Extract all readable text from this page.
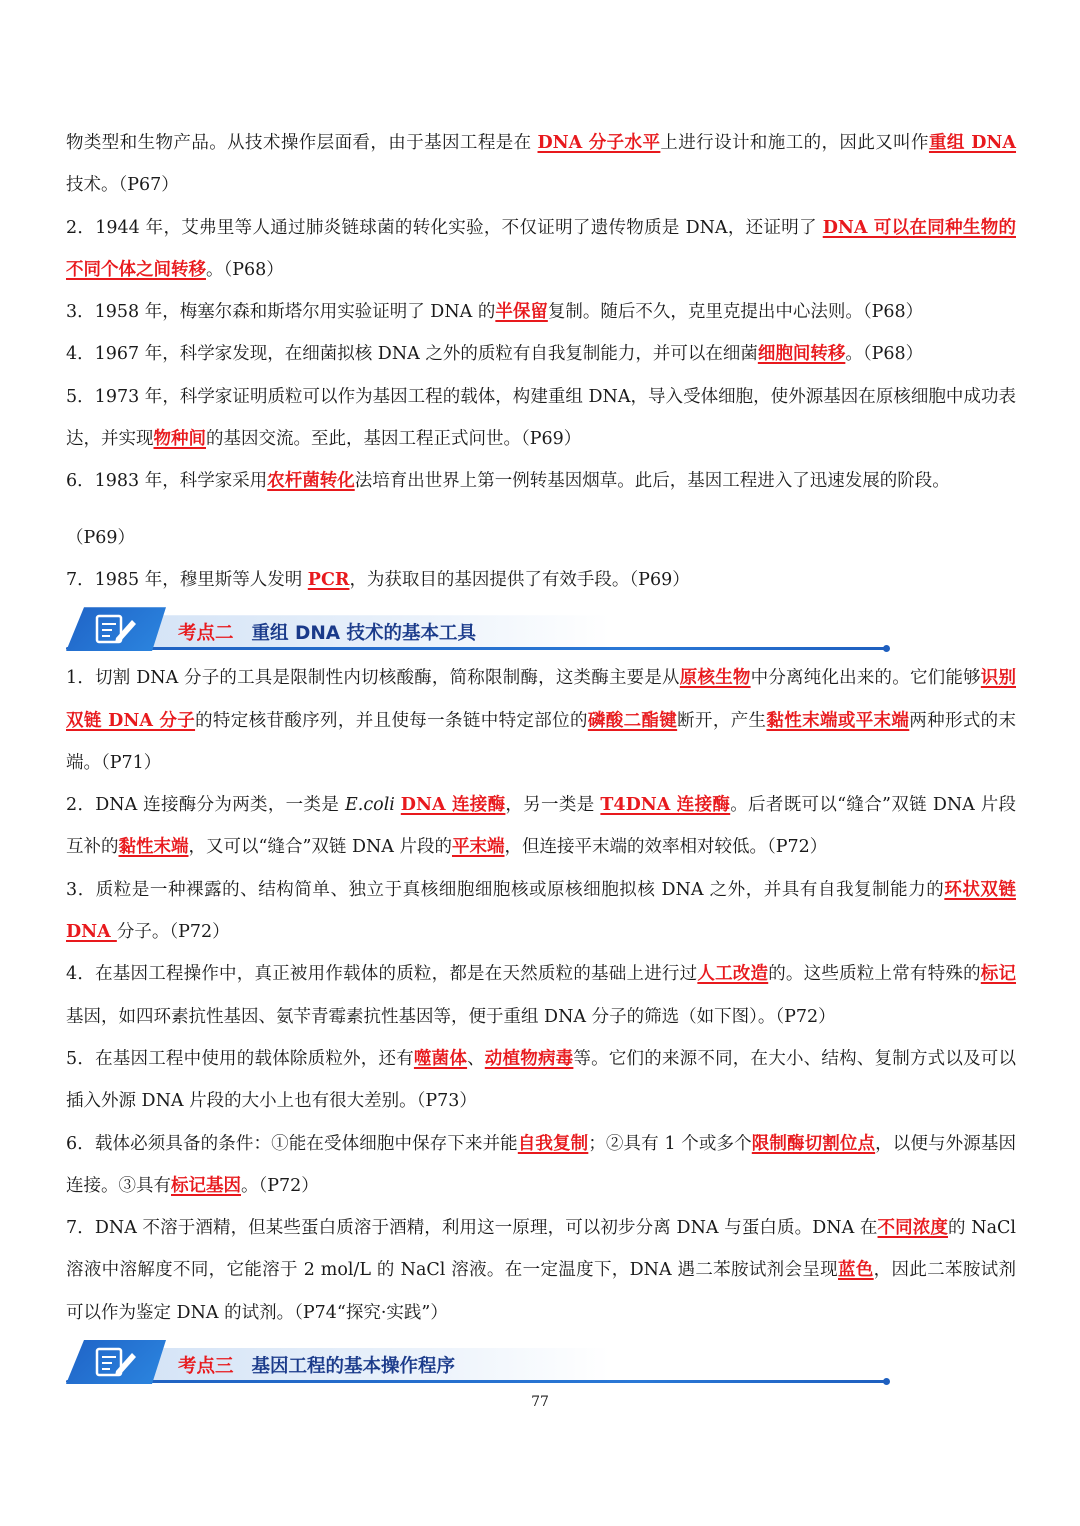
物类型和生物产品。从技术操作层面看，由于基因工程是在 DNA 分子水平上进行设计和施工的，因此又叫作重组 DNA 技术。（P67）

2．1944 年，艾弗里等人通过肺炎链球菌的转化实验，不仅证明了遗传物质是 DNA，还证明了 DNA 可以在同种生物的不同个体之间转移。（P68）

3．1958 年，梅塞尔森和斯塔尔用实验证明了 DNA 的半保留复制。随后不久，克里克提出中心法则。（P68）

4．1967 年，科学家发现，在细菌拟核 DNA 之外的质粒有自我复制能力，并可以在细菌细胞间转移。（P68）

5．1973 年，科学家证明质粒可以作为基因工程的载体，构建重组 DNA，导入受体细胞，使外源基因在原核细胞中成功表达，并实现物种间的基因交流。至此，基因工程正式问世。（P69）

6．1983 年，科学家采用农杆菌转化法培育出世界上第一例转基因烟草。此后，基因工程进入了迅速发展的阶段。

（P69）

7．1985 年，穆里斯等人发明 PCR，为获取目的基因提供了有效手段。（P69）

考点二 重组 DNA 技术的基本工具

1．切割 DNA 分子的工具是限制性内切核酸酶，简称限制酶，这类酶主要是从原核生物中分离纯化出来的。它们能够识别双链 DNA 分子的特定核苷酸序列，并且使每一条链中特定部位的磷酸二酯键断开，产生黏性末端或平末端两种形式的末端。（P71）

2．DNA 连接酶分为两类，一类是 E.coli DNA 连接酶，另一类是 T4DNA 连接酶。后者既可以“缝合”双链 DNA 片段互补的黏性末端，又可以“缝合”双链 DNA 片段的平末端，但连接平末端的效率相对较低。（P72）

3．质粒是一种裸露的、结构简单、独立于真核细胞细胞核或原核细胞拟核 DNA 之外，并具有自我复制能力的环状双链 DNA 分子。（P72）

4．在基因工程操作中，真正被用作载体的质粒，都是在天然质粒的基础上进行过人工改造的。这些质粒上常有特殊的标记基因，如四环素抗性基因、氨苄青霉素抗性基因等，便于重组 DNA 分子的筛选（如下图）。（P72）

5．在基因工程中使用的载体除质粒外，还有噬菌体、动植物病毒等。它们的来源不同，在大小、结构、复制方式以及可以插入外源 DNA 片段的大小上也有很大差别。（P73）

6．载体必须具备的条件：①能在受体细胞中保存下来并能自我复制；②具有 1 个或多个限制酶切割位点，以便与外源基因连接。③具有标记基因。（P72）

7．DNA 不溶于酒精，但某些蛋白质溶于酒精，利用这一原理，可以初步分离 DNA 与蛋白质。DNA 在不同浓度的 NaCl 溶液中溶解度不同，它能溶于 2 mol/L 的 NaCl 溶液。在一定温度下，DNA 遇二苯胺试剂会呈现蓝色，因此二苯胺试剂可以作为鉴定 DNA 的试剂。（P74“探究·实践”）

考点三 基因工程的基本操作程序
77
